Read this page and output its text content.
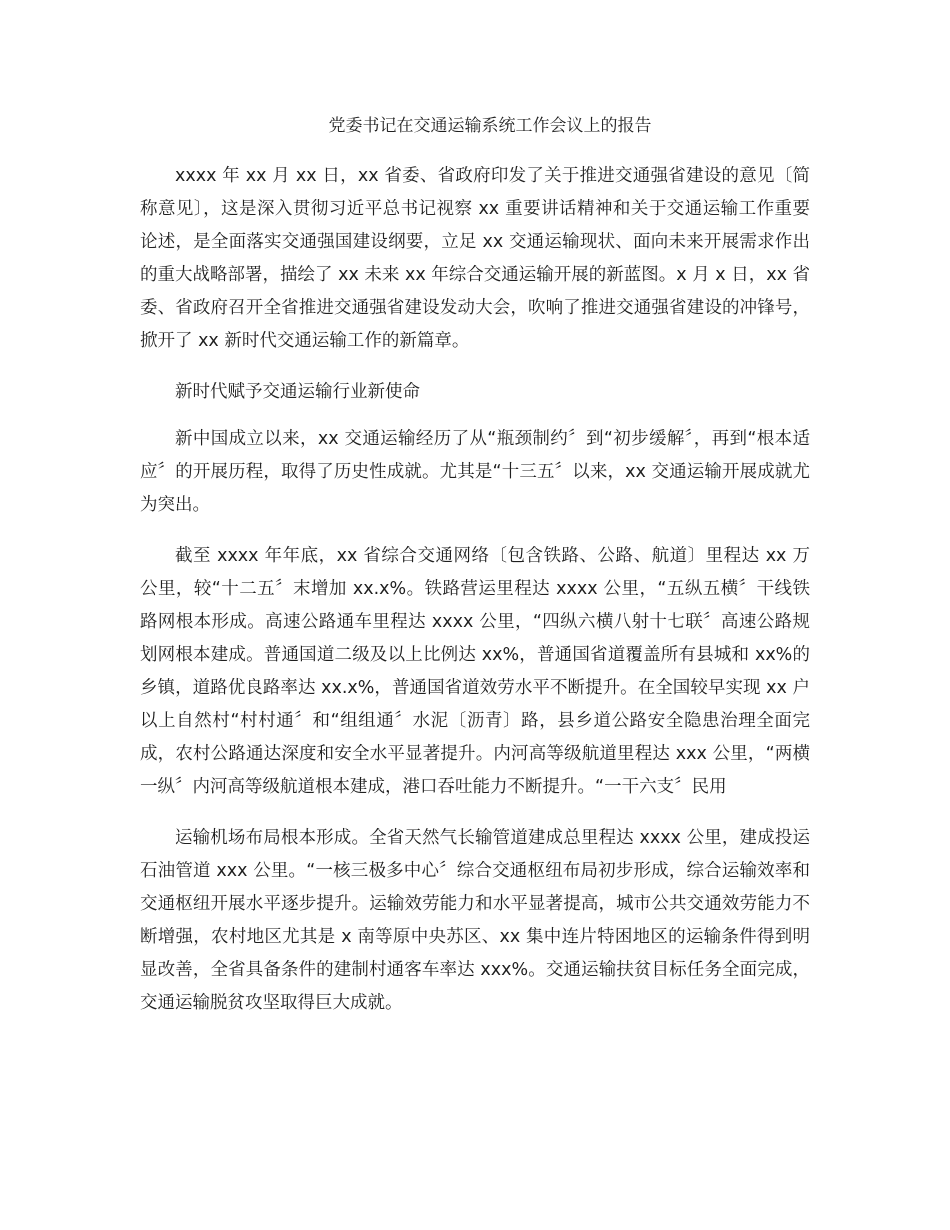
党委书记在交通运输系统工作会议上的报告

xxxx 年 xx 月 xx 日，xx 省委、省政府印发了关于推进交通强省建设的意见〔简称意见〕，这是深入贯彻习近平总书记视察 xx 重要讲话精神和关于交通运输工作重要论述，是全面落实交通强国建设纲要，立足 xx 交通运输现状、面向未来开展需求作出的重大战略部署，描绘了 xx 未来 xx 年综合交通运输开展的新蓝图。x 月 x 日，xx 省委、省政府召开全省推进交通强省建设发动大会，吹响了推进交通强省建设的冲锋号，掀开了 xx 新时代交通运输工作的新篇章。

新时代赋予交通运输行业新使命

新中国成立以来，xx 交通运输经历了从“瓶颈制约〞到“初步缓解〞，再到“根本适应〞的开展历程，取得了历史性成就。尤其是“十三五〞以来，xx 交通运输开展成就尤为突出。

截至 xxxx 年年底，xx 省综合交通网络〔包含铁路、公路、航道〕里程达 xx 万公里，较“十二五〞末增加 xx.x%。铁路营运里程达 xxxx 公里，“五纵五横〞干线铁路网根本形成。高速公路通车里程达 xxxx 公里，“四纵六横八射十七联〞高速公路规划网根本建成。普通国道二级及以上比例达 xx%，普通国省道覆盖所有县城和 xx%的乡镇，道路优良路率达 xx.x%，普通国省道效劳水平不断提升。在全国较早实现 xx 户以上自然村“村村通〞和“组组通〞水泥〔沥青〕路，县乡道公路安全隐患治理全面完成，农村公路通达深度和安全水平显著提升。内河高等级航道里程达 xxx 公里，“两横一纵〞内河高等级航道根本建成，港口吞吐能力不断提升。“一干六支〞民用

运输机场布局根本形成。全省天然气长输管道建成总里程达 xxxx 公里，建成投运石油管道 xxx 公里。“一核三极多中心〞综合交通枢纽布局初步形成，综合运输效率和交通枢纽开展水平逐步提升。运输效劳能力和水平显著提高，城市公共交通效劳能力不断增强，农村地区尤其是 x 南等原中央苏区、xx 集中连片特困地区的运输条件得到明显改善，全省具备条件的建制村通客车率达 xxx%。交通运输扶贫目标任务全面完成，交通运输脱贫攻坚取得巨大成就。
